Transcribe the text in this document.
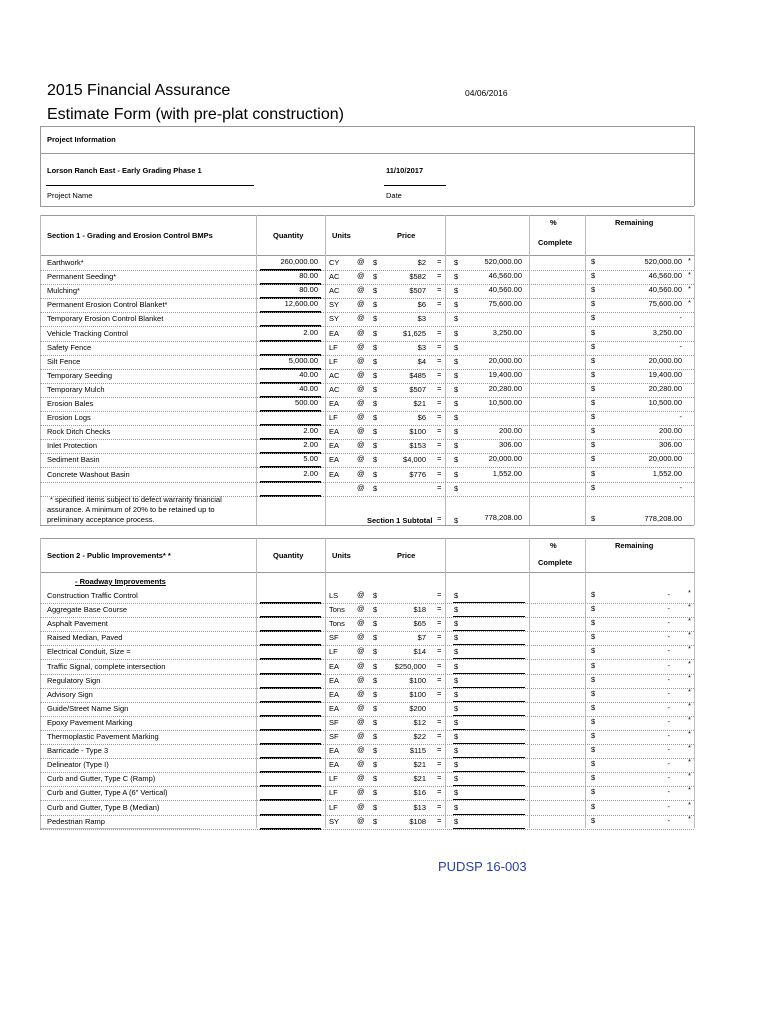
2015 Financial Assurance	04/06/2016
Estimate Form (with pre-plat construction)
Project Information
Lorson Ranch East - Early Grading Phase 1	11/10/2017
Project Name	Date
Section 1 - Grading and Erosion Control BMPs	Quantity	Units	Price
%
Complete
Remaining
Earthwork*	260,000.00 CY @ $	$2 = $	520,000.00	$	520,000.00 *
Permanent Seeding*	80.00 AC @ $	$582 = $	46,560.00	$	46,560.00 *
Mulching*	80.00 AC @ $	$507 = $	40,560.00	$	40,560.00 *
Permanent Erosion Control Blanket*	12,600.00 SY @ $	$6 = $	75,600.00	$	75,600.00 *
Temporary Erosion Control Blanket	SY @ $	$3	$	$	-
Vehicle Tracking Control	2.00 EA @ $	$1,625 = $	3,250.00	$	3,250.00
Safety Fence	LF	@ $	$3 = $	$	-
Silt Fence	5,000.00 LF	@ $	$4 = $	20,000.00	$	20,000.00
Temporary Seeding	40.00 AC @ $	$485 = $	19,400.00	$	19,400.00
Temporary Mulch	40.00 AC @ $	$507 = $	20,280.00	$	20,280.00
Erosion Bales	500.00 EA @ $	$21 = $	10,500.00	$	10,500.00
Erosion Logs	LF	@ $	$6 = $	$	-
Rock Ditch Checks	2.00 EA @ $	$100 = $	200.00	$	200.00
Inlet Protection	2.00 EA @ $	$153 = $	306.00	$	306.00
Sediment Basin	5.00 EA @ $	$4,000 = $	20,000.00	$	20,000.00
Concrete Washout Basin	2.00 EA @ $	$776 = $	1,552.00	$	1,552.00
@ $	= $	$	-
* specified items subject to defect warranty financial
assurance. A minimum of 20% to be retained up to
preliminary acceptance process.	Section 1 Subtotal = $	778,208.00	$	778,208.00
Section 2 - Public Improvements* *	Quantity	Units	Price
%
Complete
Remaining
- Roadway Improvements
Construction Traffic Control	LS	@ $	= $	$	- *
Aggregate Base Course	Tons @ $	$18 = $	$	- *
Asphalt Pavement	Tons @ $	$65 = $	$	- *
Raised Median, Paved	SF @ $	$7 = $	$	- *
Electrical Conduit, Size =	LF	@ $	$14 = $	$	- *
Traffic Signal, complete intersection	EA @ $	$250,000 = $	$	- *
Regulatory Sign	EA @ $	$100 = $	$	- *
Advisory Sign	EA @ $	$100 = $	$	- *
Guide/Street Name Sign	EA @ $	$200	$	$	- *
Epoxy Pavement Marking	SF @ $	$12 = $	$	- *
Thermoplastic Pavement Marking	SF @ $	$22 = $	$	- *
Barricade - Type 3	EA @ $	$115 = $	$	- *
Delineator (Type I)	EA @ $	$21 = $	$	- *
Curb and Gutter, Type C (Ramp)	LF	@ $	$21 = $	$	- *
Curb and Gutter, Type A (6" Vertical)	LF	@ $	$16 = $	$	- *
Curb and Gutter, Type B (Median)	LF	@ $	$13 = $	$	- *
Pedestrian Ramp	SY @ $	$108 = $	$	- *
PUDSP 16-003
